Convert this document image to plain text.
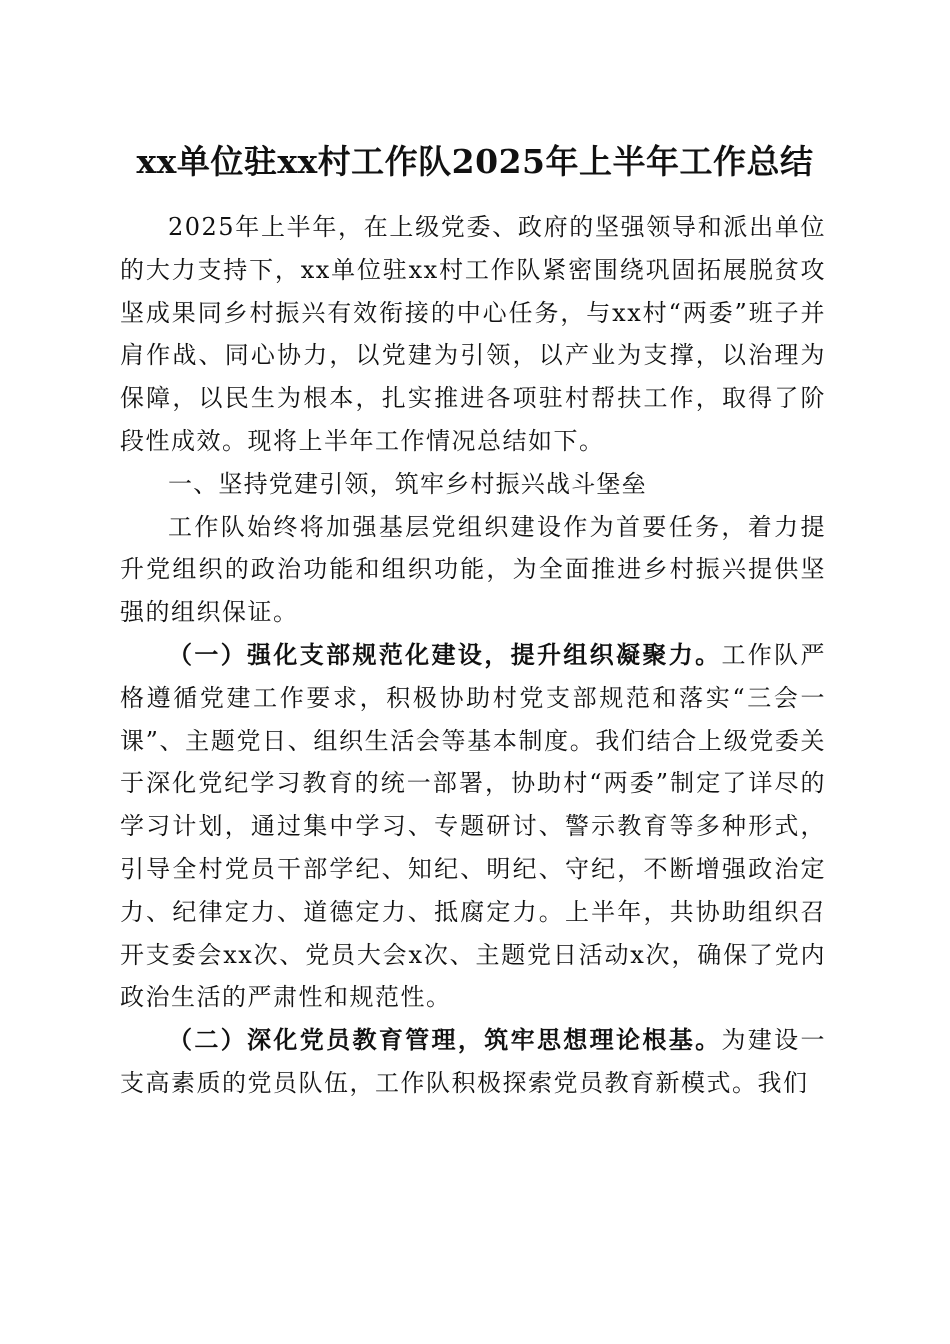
xx单位驻xx村工作队2025年上半年工作总结

2025年上半年，在上级党委、政府的坚强领导和派出单位的大力支持下，xx单位驻xx村工作队紧密围绕巩固拓展脱贫攻坚成果同乡村振兴有效衔接的中心任务，与xx村“两委”班子并肩作战、同心协力，以党建为引领，以产业为支撑，以治理为保障，以民生为根本，扎实推进各项驻村帮扶工作，取得了阶段性成效。现将上半年工作情况总结如下。

一、坚持党建引领，筑牢乡村振兴战斗堡垒

工作队始终将加强基层党组织建设作为首要任务，着力提升党组织的政治功能和组织功能，为全面推进乡村振兴提供坚强的组织保证。

（一）强化支部规范化建设，提升组织凝聚力。工作队严格遵循党建工作要求，积极协助村党支部规范和落实“三会一课”、主题党日、组织生活会等基本制度。我们结合上级党委关于深化党纪学习教育的统一部署，协助村“两委”制定了详尽的学习计划，通过集中学习、专题研讨、警示教育等多种形式，引导全村党员干部学纪、知纪、明纪、守纪，不断增强政治定力、纪律定力、道德定力、抵腐定力。上半年，共协助组织召开支委会xx次、党员大会x次、主题党日活动x次，确保了党内政治生活的严肃性和规范性。

（二）深化党员教育管理，筑牢思想理论根基。为建设一支高素质的党员队伍，工作队积极探索党员教育新模式。我们
